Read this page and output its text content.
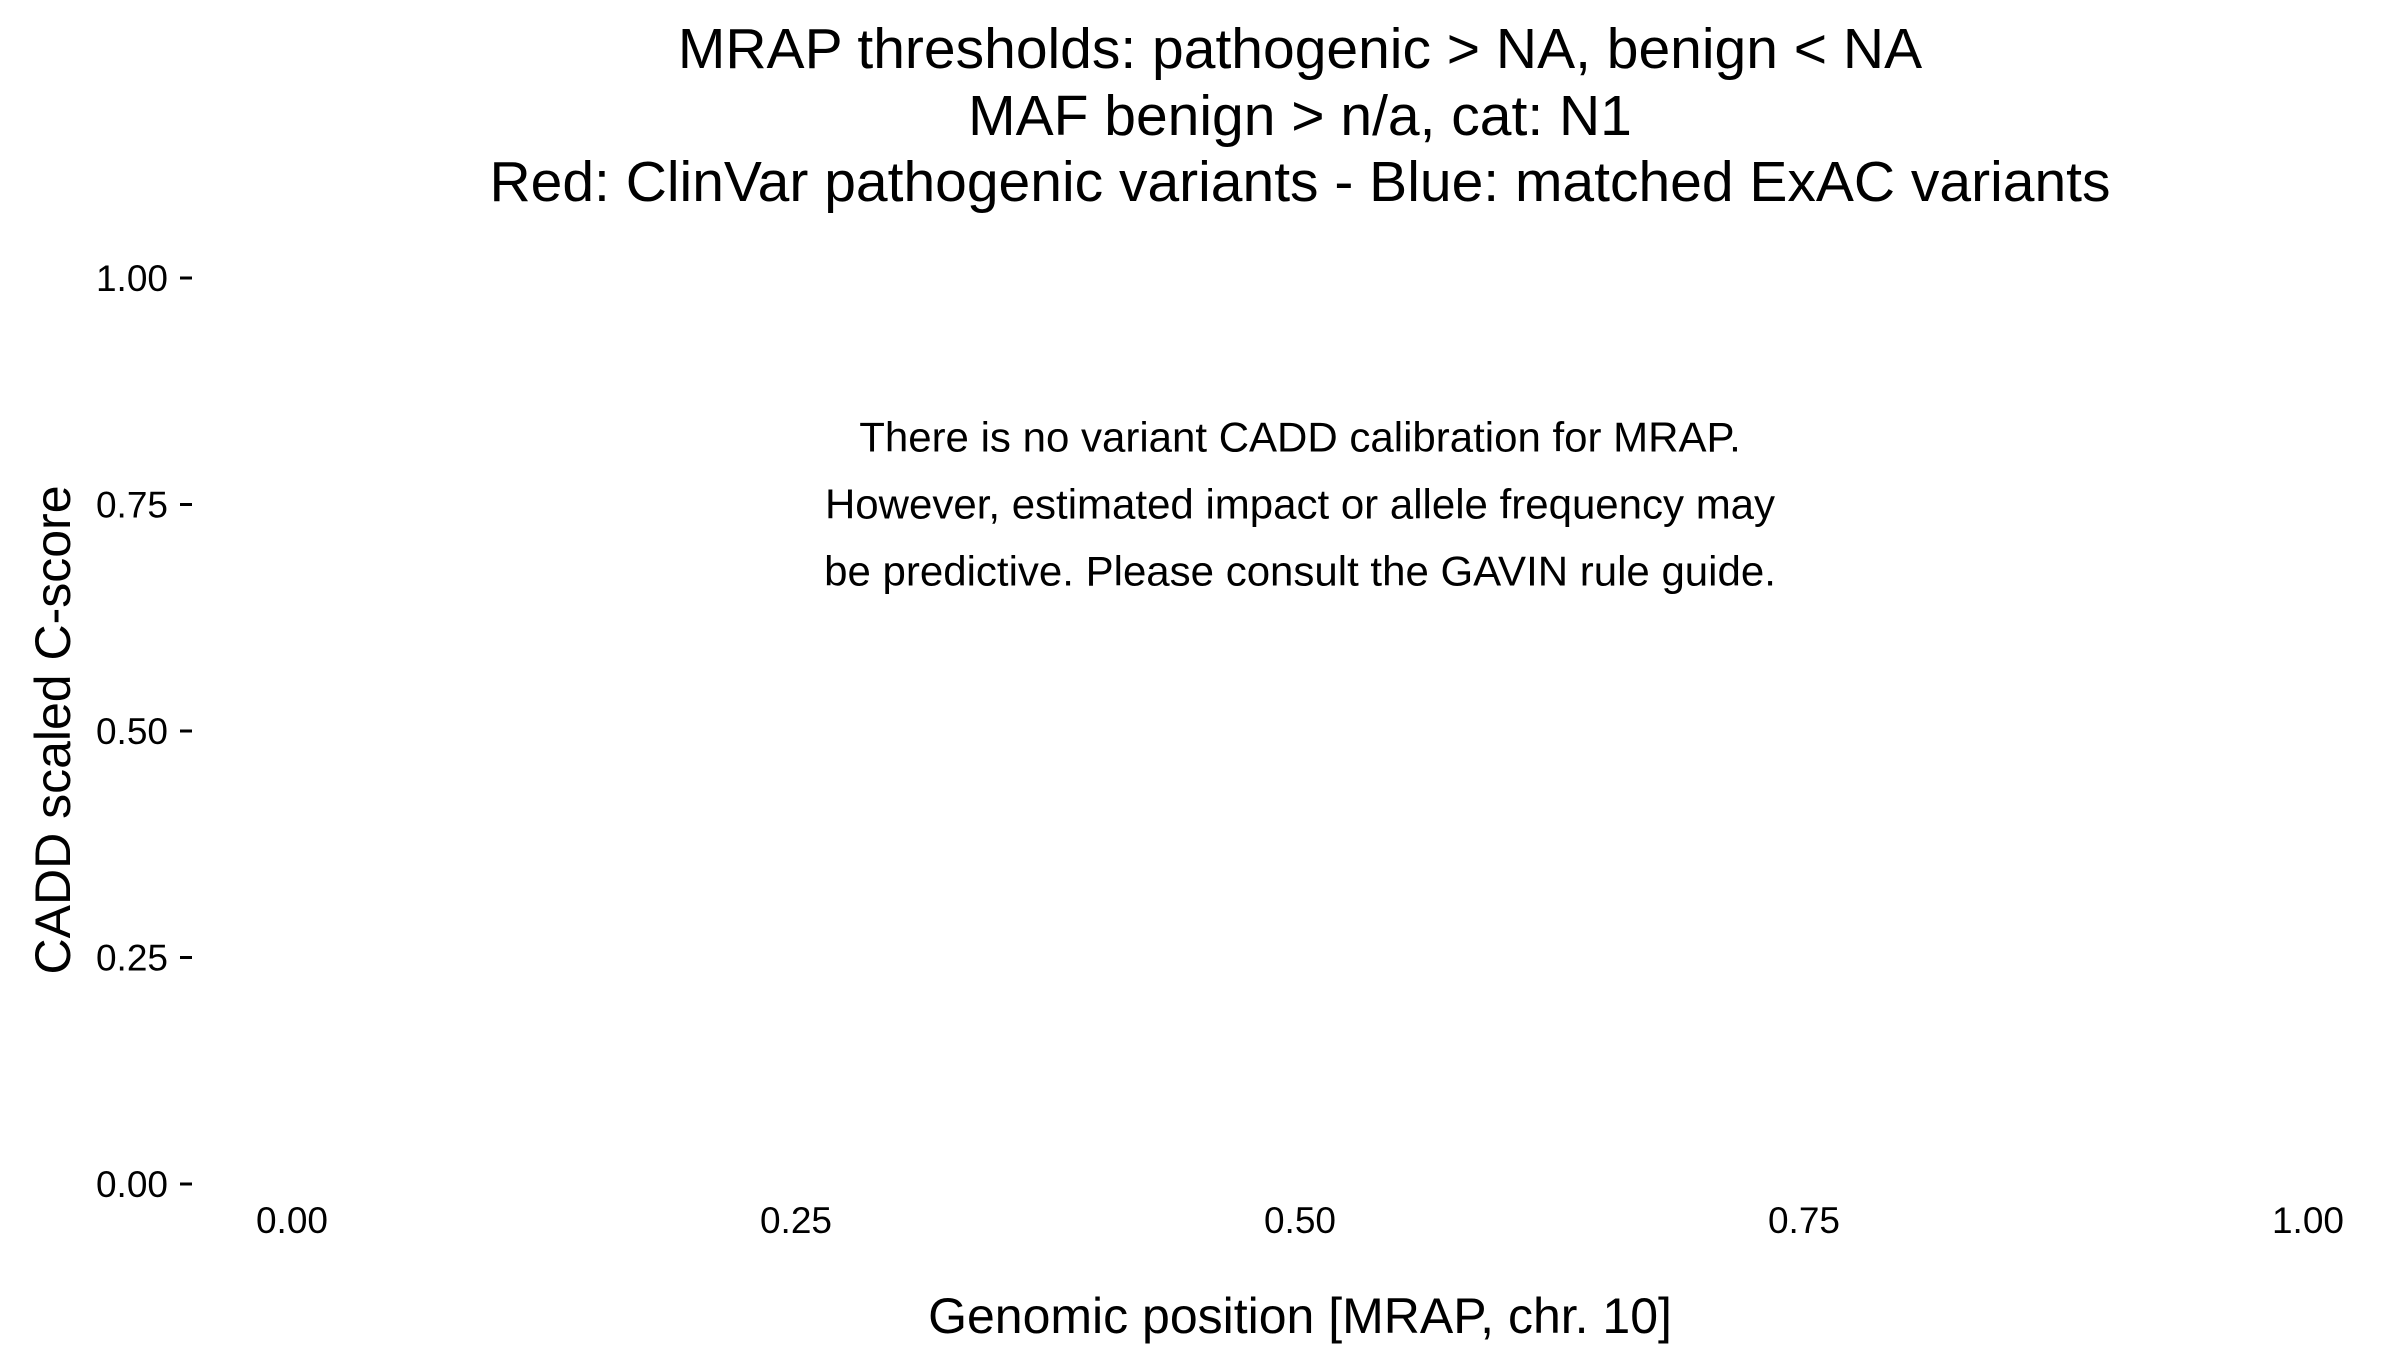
MRAP thresholds: pathogenic > NA, benign < NA
MAF benign > n/a, cat: N1
Red: ClinVar pathogenic variants - Blue: matched ExAC variants
0.00
0.25
0.50
0.75
1.00
0.00	0.25	0.50	0.75	1.00
There is no variant CADD calibration for MRAP.
However, estimated impact or allele frequency may
be predictive. Please consult the GAVIN rule guide.
CADD scaled C-score
Genomic position [MRAP, chr. 10]
